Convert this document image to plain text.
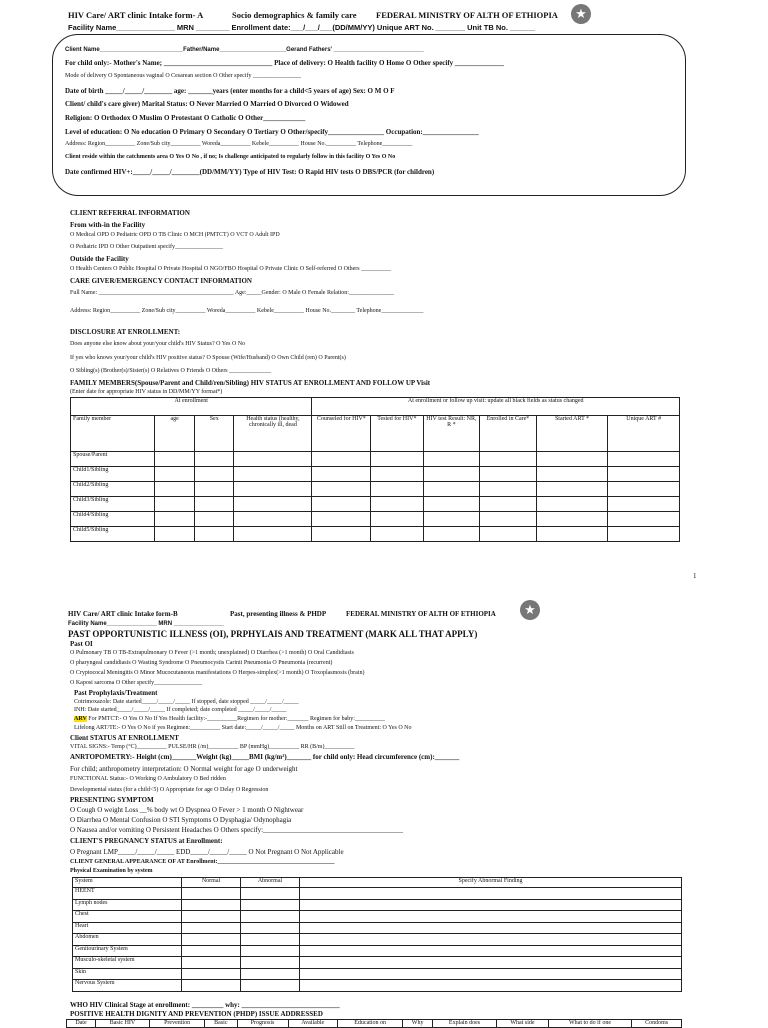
HIV Care/ ART clinic Intake form- A	Socio demographics & family care FEDERAL MINISTRY OF ALTH OF ETHIOPIA	★
Facility Name______________ MRN ________ Enrollment date:___/___/___(DD/MM/YY) Unique ART No. _______ Unit TB No. ______
Client Name_________________________Father/Name____________________Gerand Fathers' ___________________________
For child only:- Mother's Name; _______________________________ Place of delivery: O Health facility O Home O Other specify ______________
Mode of delivery O Spontaneous vaginal O Cesarean section O Other specify ________________
Date of birth _____/_____/________ age: _______years (enter months for a child<5 years of age) Sex: O M O F
Client/ child's care giver) Marital Status: O Never Married O Married O Divorced O Widowed
Religion: O Orthodox O Muslim O Protestant O Catholic O Other____________
Level of education: O No education O Primary O Secondary O Tertiary O Other/specify________________ Occupation:________________
Address: Region__________ Zone/Sub city__________ Woreda__________ Kebele__________ House No.__________ Telephone__________
Client reside within the catchments area O Yes O No , if no; Is challenge anticipated to regularly follow in this facility O Yes O No
Date confirmed HIV+:_____/_____/________(DD/MM/YY) Type of HIV Test: O Rapid HIV tests O DBS/PCR (for children)
CLIENT REFERRAL INFORMATION
From with-in the Facility
O Medical OPD O Pediatric OPD O TB Clinic O MCH (PMTCT) O VCT O Adult IPD
O Pediatric IPD O Other Outpatient specify________________
Outside the Facility
O Health Centers O Public Hospital O Private Hospital O NGO/FBO Hospital O Private Clinic O Self-referred O Others __________
CARE GIVER/EMERGENCY CONTACT INFORMATION
Full Name: _____________________________________________ Age:_____Gender: O Male O Female Relation:_______________
Address: Region__________ Zone/Sub city__________ Woreda__________ Kebele__________ House No.________ Telephone______________
DISCLOSURE AT ENROLLMENT:
Does anyone else know about your/your child's HIV Status? O Yes O No
If yes who knows your/your child's HIV positive status? O Spouse (Wife/Husband) O Own Child (ren) O Parent(s)
O Sibling(s) (Brother(s)/Sister(s) O Relatives O Friends O Others ______________
FAMILY MEMBERS(Spouse/Parent and Child/ren/Sibling) HIV STATUS AT ENROLLMENT AND FOLLOW UP Visit
(Enter date for appropriate HIV status in DD/MM/YY format*)
At enrollment				At enrollment or follow up visit: update all black fields as status changed					
Family member	age	Sex	Health status (healthy, chronically ill, dead	Counseled for HIV*	Tested for HIV*	HIV test Result: NR, R *	Enrolled in Care*	Started ART *	Unique ART #
Spouse/Parent									
Child1/Sibling									
Child2/Sibling									
Child3/Sibling									
Child4/Sibling									
Child5/Sibling									
1
HIV Care/ ART clinic Intake form-B	Past, presenting illness & PHDP	FEDERAL MINISTRY OF ALTH OF ETHIOPIA	★
Facility Name_______________ MRN _______________
PAST OPPORTUNISTIC ILLNESS (OI), PRPHYLAIS AND TREATMENT (MARK ALL THAT APPLY)
Past OI
O Pulmonary TB O TB-Extrapulmonary O Fever (>1 month; unexplained) O Diarrhea (>1 month) O Oral Candidiasis
O pharyngeal candidiasis O Wasting Syndrome O Pneumocystis Carinii Pneumonia O Pneumonia (recurrent)
O Cryptococal Meningitis O Minor Mucocutaneous manifestations O Herpes-simplex(>1 month) O Toxoplasmosis (brain)
O Kaposi sarcoma O Other specify________________
Past Prophylaxis/Treatment
Cotrimoxazole: Date started_____/_____/_____ If stopped, date stopped _____/_____/_____
INH: Date started_____/_____/_____ If completed; date completed _____/_____/_____
ARV For PMTCT:- O Yes O No If Yes Health facility:-__________Regimen for mother:_______ Regimen for baby:__________
Lifelong ART/TE:- O Yes O No if yes Regimen:__________ Start date:_____/_____/_____ Months on ART Still on Treatment: O Yes O No
Client STATUS AT ENROLLMENT
VITAL SIGNS:- Temp (°C)__________ PULSE/HR (/m)__________ BP (mmHg)__________ RR (B/m)__________
ANRTOPOMETRY:- Height (cm)_______Weight (kg)_____BMI (kg/m²)_______ for child only: Head circumference (cm):_______
For child; anthropometry interpretation: O Normal weight for age O underweight
FUNCTIONAL Status:- O Working O Ambulatory O Bed ridden
Developmental status (for a child<5) O Appropriate for age O Delay O Regression
PRESENTING SYMPTOM
O Cough O weight Loss __% body wt O Dyspnea O Fever > 1 month O Nightwear
O Diarrhea O Mental Confusion O STI Symptoms O Dysphagia/ Odynophagia
O Nausea and/or vomiting O Persistent Headaches O Others specify:________________________________________
CLIENT'S PREGNANCY STATUS at Enrollment:
O Pregnant LMP_____/_____/_____ EDD_____/_____/_____ O Not Pregnant O Not Applicable
CLIENT GENERAL APPEARANCE OF AT Enrollment:_______________________________________
Physical Examination by system
System	Normal	Abnormal	Specify Abnormal Finding
HEENT			
Lymph nodes			
Chest			
Heart			
Abdomen			
Genitourinary System			
Musculo-skeletal system			
Skin			
Nervous System			
WHO HIV Clinical Stage at enrollment: _________ why: ____________________________
POSITIVE HEALTH DIGNITY AND PREVENTION (PHDP) ISSUE ADDRESSED
Date	Basic HIV	Prevention	Basic	Prognosis	Available	Education on	Why	Explain does	What side	What to do if one	Condoms
